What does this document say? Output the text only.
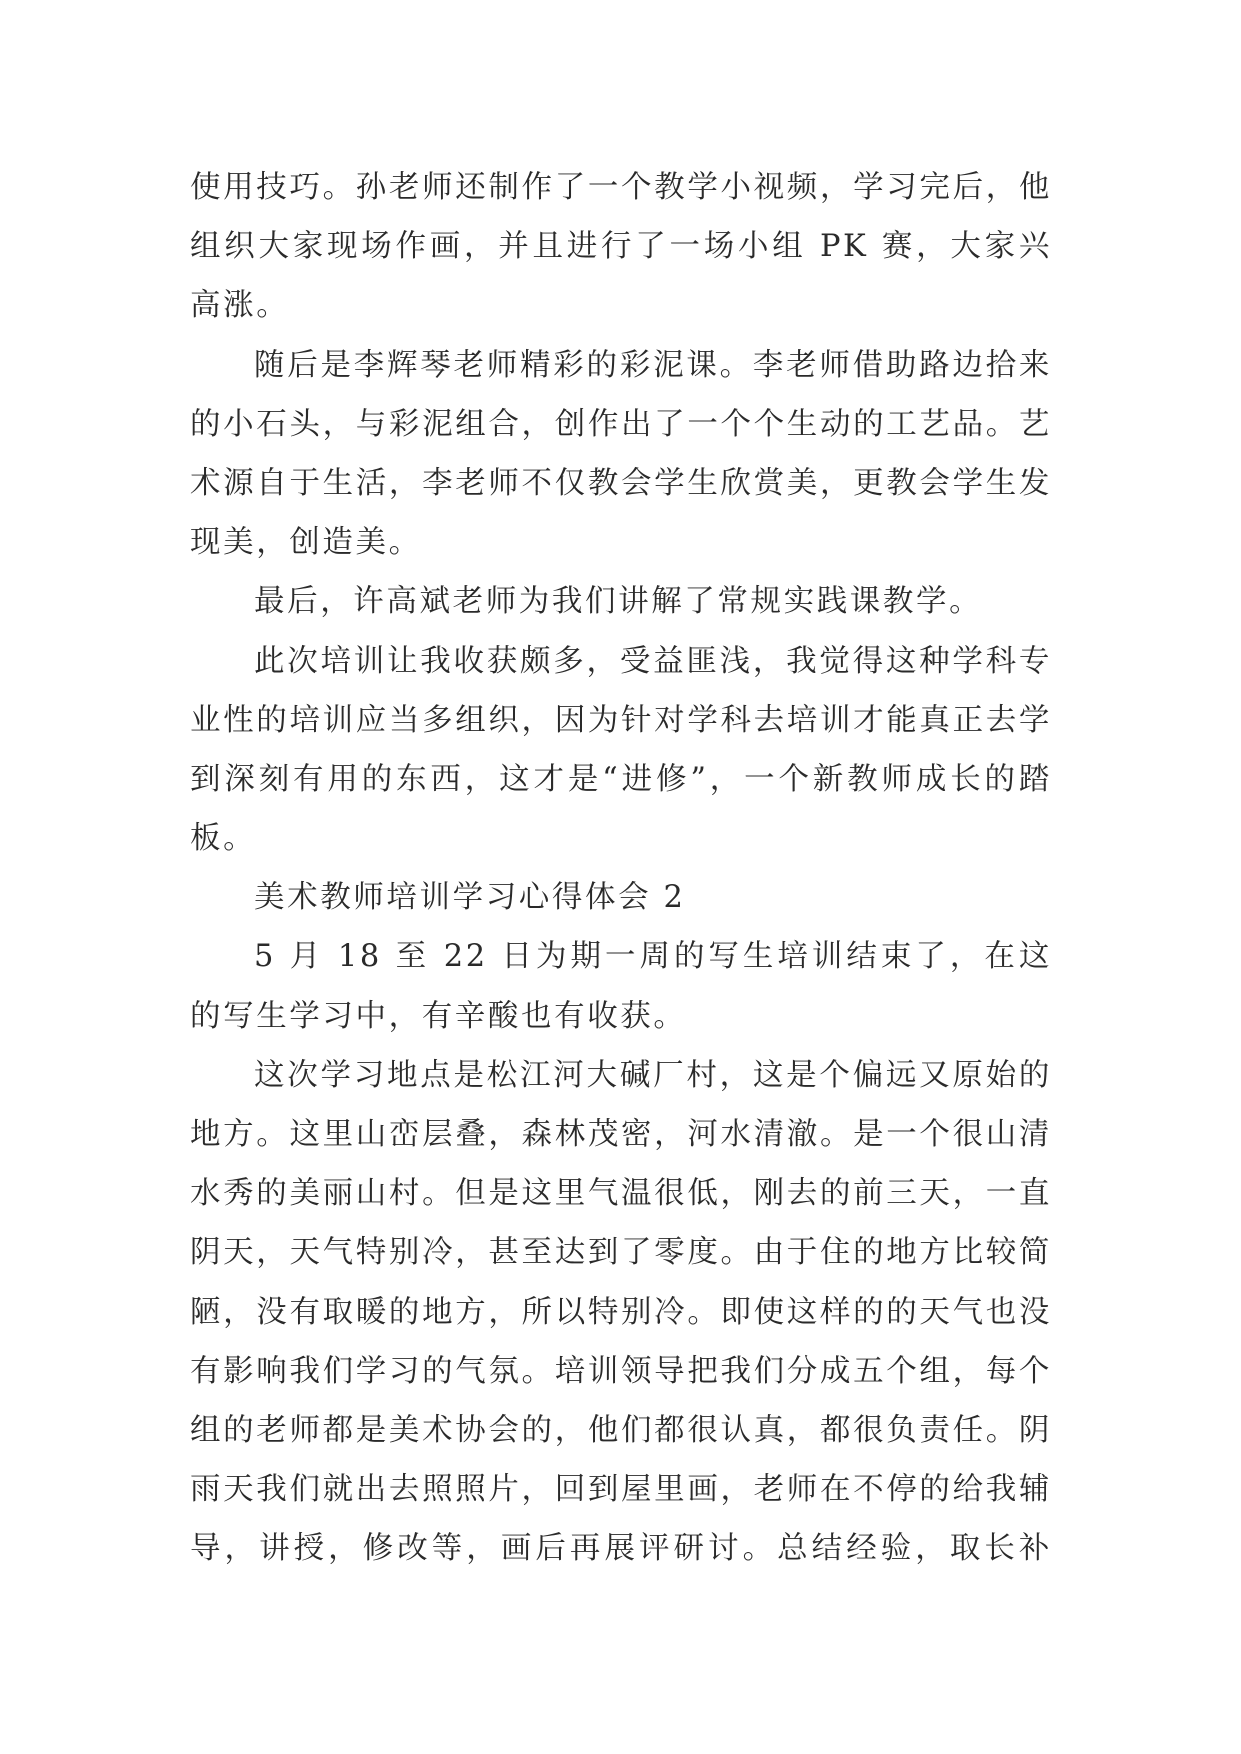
使用技巧。孙老师还制作了一个教学小视频，学习完后，他
组织大家现场作画，并且进行了一场小组 PK 赛，大家兴
高涨。
随后是李辉琴老师精彩的彩泥课。李老师借助路边拾来
的小石头，与彩泥组合，创作出了一个个生动的工艺品。艺
术源自于生活，李老师不仅教会学生欣赏美，更教会学生发
现美，创造美。
最后，许高斌老师为我们讲解了常规实践课教学。
此次培训让我收获颇多，受益匪浅，我觉得这种学科专
业性的培训应当多组织，因为针对学科去培训才能真正去学
到深刻有用的东西，这才是“进修”，一个新教师成长的踏
板。
美术教师培训学习心得体会 2
5 月 18 至 22 日为期一周的写生培训结束了，在这
的写生学习中，有辛酸也有收获。
这次学习地点是松江河大碱厂村，这是个偏远又原始的
地方。这里山峦层叠，森林茂密，河水清澈。是一个很山清
水秀的美丽山村。但是这里气温很低，刚去的前三天，一直
阴天，天气特别冷，甚至达到了零度。由于住的地方比较简
陋，没有取暖的地方，所以特别冷。即使这样的的天气也没
有影响我们学习的气氛。培训领导把我们分成五个组，每个
组的老师都是美术协会的，他们都很认真，都很负责任。阴
雨天我们就出去照照片，回到屋里画，老师在不停的给我辅
导，讲授，修改等，画后再展评研讨。总结经验，取长补
